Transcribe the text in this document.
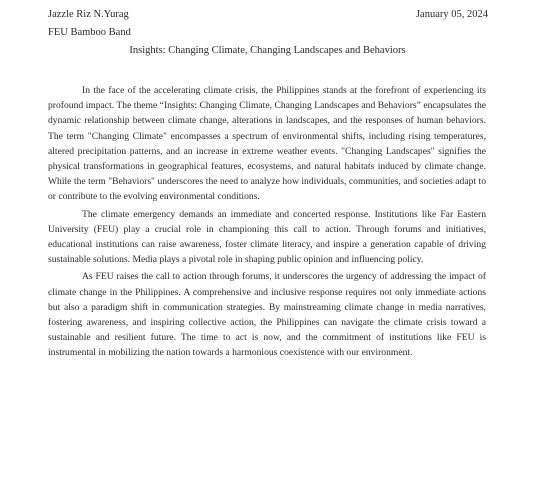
Jazzle Riz N.Yurag	January 05, 2024
FEU Bamboo Band
Insights: Changing Climate, Changing Landscapes and Behaviors

In the face of the accelerating climate crisis, the Philippines stands at the forefront of experiencing its profound impact. The theme “Insights: Changing Climate, Changing Landscapes and Behaviors” encapsulates the dynamic relationship between climate change, alterations in landscapes, and the responses of human behaviors. The term "Changing Climate" encompasses a spectrum of environmental shifts, including rising temperatures, altered precipitation patterns, and an increase in extreme weather events. "Changing Landscapes" signifies the physical transformations in geographical features, ecosystems, and natural habitats induced by climate change. While the term "Behaviors" underscores the need to analyze how individuals, communities, and societies adapt to or contribute to the evolving environmental conditions.

The climate emergency demands an immediate and concerted response. Institutions like Far Eastern University (FEU) play a crucial role in championing this call to action. Through forums and initiatives, educational institutions can raise awareness, foster climate literacy, and inspire a generation capable of driving sustainable solutions. Media plays a pivotal role in shaping public opinion and influencing policy.

As FEU raises the call to action through forums, it underscores the urgency of addressing the impact of climate change in the Philippines. A comprehensive and inclusive response requires not only immediate actions but also a paradigm shift in communication strategies. By mainstreaming climate change in media narratives, fostering awareness, and inspiring collective action, the Philippines can navigate the climate crisis toward a sustainable and resilient future. The time to act is now, and the commitment of institutions like FEU is instrumental in mobilizing the nation towards a harmonious coexistence with our environment.
